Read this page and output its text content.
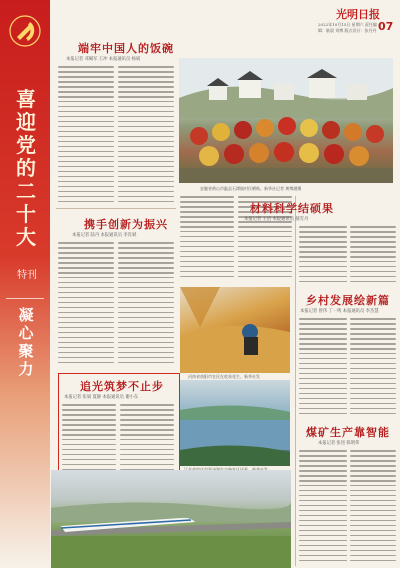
喜
迎
党
的
二
十
大
特刊
凝
心
聚
力
光明日报
2022年10月15日 星期六 责任编辑：耿晨 刘博 版式设计：张丹丹 07
端牢中国人的饭碗
本报记者 邓佩军 王冲 本报通讯员 杨斌
安徽省黄山市歙县石潭镇村民晒秋。新华社记者 黄博涵摄
携手创新为振兴
本报记者 陆丹 本报通讯员 李肖斌
追光筑梦不止步
本报记者 张斌 夏静 本报通讯员 谢小东
河南省南阳市农民在收获花生。新华社发
材料科学结硕果
本报记者 王洁 本报通讯员 郝雪丹
乡村发展绘新篇
本报记者 曾伟 丁一鸣 本报通讯员 李杰慧
煤矿生产靠智能
本报记者 张进 陈明伟
